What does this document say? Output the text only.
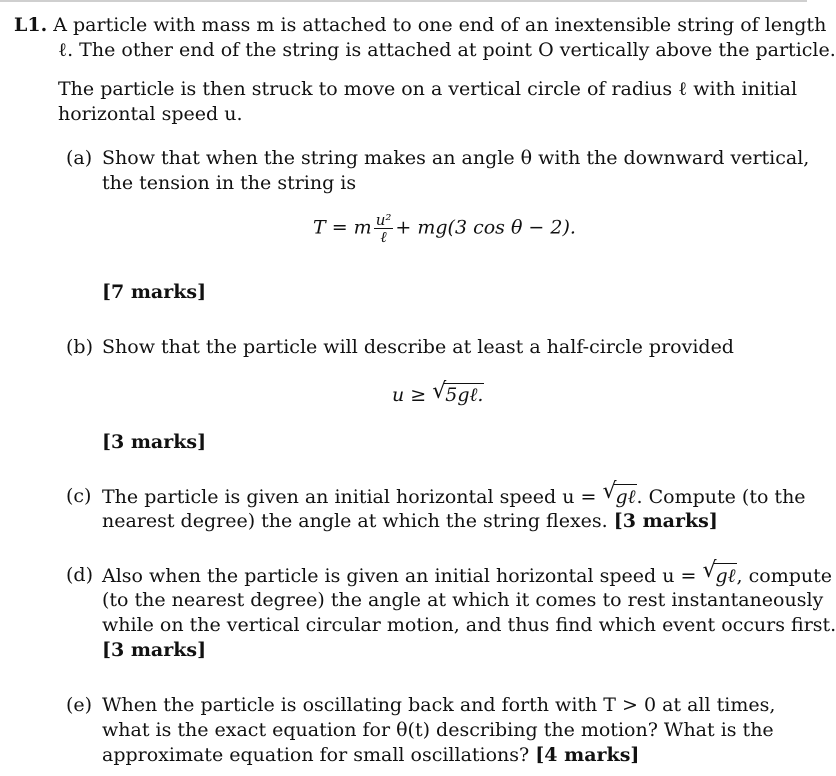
L1. A particle with mass m is attached to one end of an inextensible string of length
ℓ. The other end of the string is attached at point O vertically above the particle.
The particle is then struck to move on a vertical circle of radius ℓ with initial
horizontal speed u.
(a) Show that when the string makes an angle θ with the downward vertical,
the tension in the string is
T = m $\frac{\text{u²}}{\text{ℓ}} + mg(3$ cos θ − 2).
[7 marks]
(b) Show that the particle will describe at least a half-circle provided
u ≥ √
5gℓ.
[3 marks]
(c) The particle is given an initial horizontal speed u = √
gℓ. Compute (to the
nearest degree) the angle at which the string flexes. [3 marks]
(d) Also when the particle is given an initial horizontal speed u = √
gℓ, compute
(to the nearest degree) the angle at which it comes to rest instantaneously
while on the vertical circular motion, and thus find which event occurs first.
[3 marks]
(e) When the particle is oscillating back and forth with T > 0 at all times,
what is the exact equation for θ(t) describing the motion? What is the
approximate equation for small oscillations? [4 marks]
